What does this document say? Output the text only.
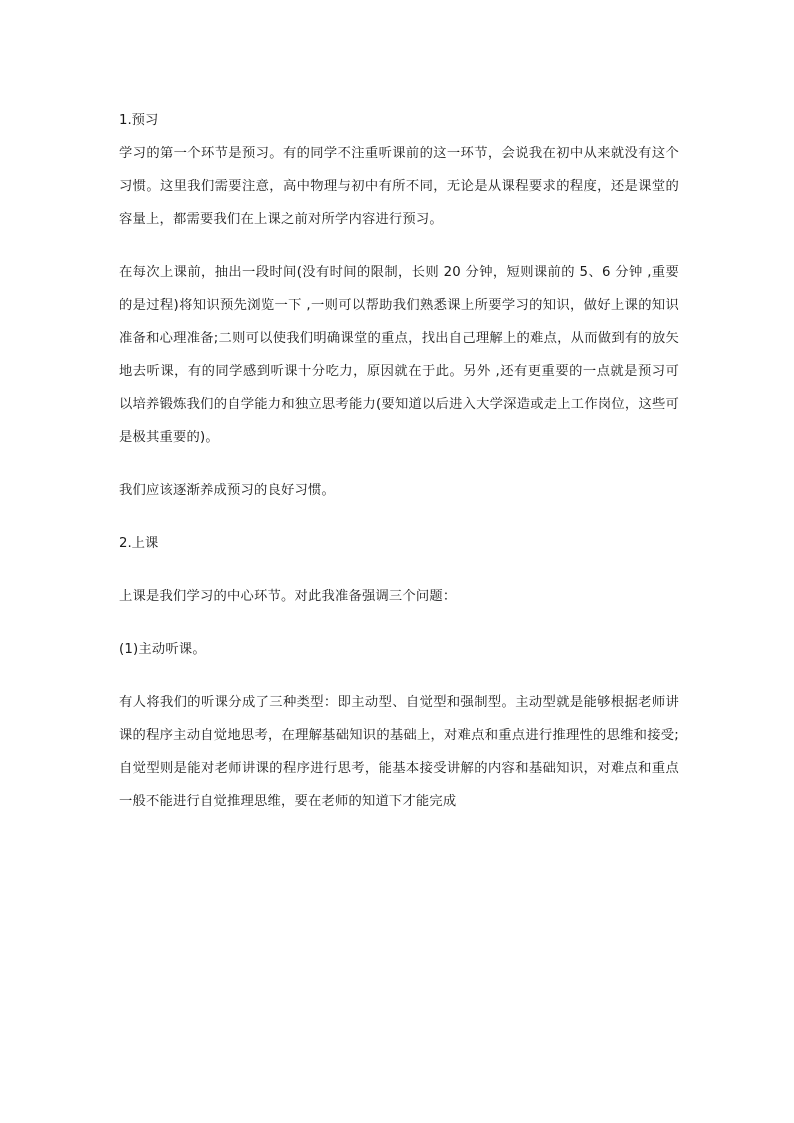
1.预习

学习的第一个环节是预习。有的同学不注重听课前的这一环节，会说我在初中从来就没有这个习惯。这里我们需要注意，高中物理与初中有所不同，无论是从课程要求的程度，还是课堂的容量上，都需要我们在上课之前对所学内容进行预习。

在每次上课前，抽出一段时间(没有时间的限制，长则 20 分钟，短则课前的 5、6 分钟 ,重要的是过程)将知识预先浏览一下 ,一则可以帮助我们熟悉课上所要学习的知识，做好上课的知识准备和心理准备;二则可以使我们明确课堂的重点，找出自己理解上的难点，从而做到有的放矢地去听课，有的同学感到听课十分吃力，原因就在于此。另外 ,还有更重要的一点就是预习可以培养锻炼我们的自学能力和独立思考能力(要知道以后进入大学深造或走上工作岗位，这些可是极其重要的)。

我们应该逐渐养成预习的良好习惯。

2.上课

上课是我们学习的中心环节。对此我准备强调三个问题：

(1)主动听课。

有人将我们的听课分成了三种类型：即主动型、自觉型和强制型。主动型就是能够根据老师讲课的程序主动自觉地思考，在理解基础知识的基础上，对难点和重点进行推理性的思维和接受;自觉型则是能对老师讲课的程序进行思考，能基本接受讲解的内容和基础知识，对难点和重点一般不能进行自觉推理思维，要在老师的知道下才能完成
